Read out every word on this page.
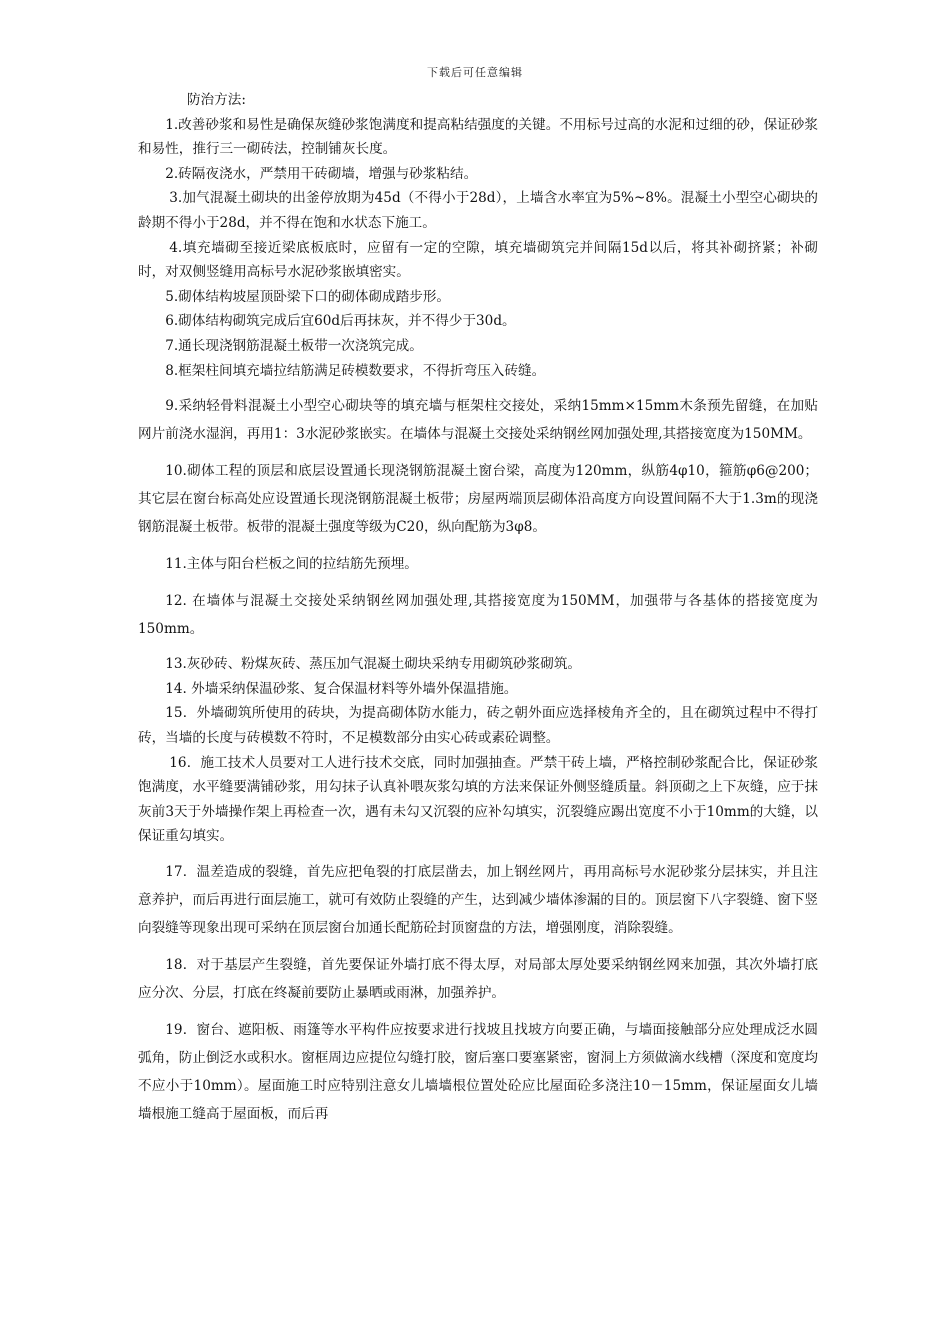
下载后可任意编辑

防治方法:

1.改善砂浆和易性是确保灰缝砂浆饱满度和提高粘结强度的关键。不用标号过高的水泥和过细的砂，保证砂浆和易性，推行三一砌砖法，控制铺灰长度。

2.砖隔夜浇水，严禁用干砖砌墙，增强与砂浆粘结。

3.加气混凝土砌块的出釜停放期为45d（不得小于28d），上墙含水率宜为5%~8%。混凝土小型空心砌块的龄期不得小于28d，并不得在饱和水状态下施工。

4.填充墙砌至接近梁底板底时，应留有一定的空隙，填充墙砌筑完并间隔15d以后，将其补砌挤紧；补砌时，对双侧竖缝用高标号水泥砂浆嵌填密实。

5.砌体结构坡屋顶卧梁下口的砌体砌成踏步形。

6.砌体结构砌筑完成后宜60d后再抹灰，并不得少于30d。

7.通长现浇钢筋混凝土板带一次浇筑完成。

8.框架柱间填充墙拉结筋满足砖模数要求，不得折弯压入砖缝。

9.采纳轻骨料混凝土小型空心砌块等的填充墙与框架柱交接处，采纳15mm×15mm木条预先留缝，在加贴网片前浇水湿润，再用1：3水泥砂浆嵌实。在墙体与混凝土交接处采纳钢丝网加强处理,其搭接宽度为150MM。

10.砌体工程的顶层和底层设置通长现浇钢筋混凝土窗台梁，高度为120mm，纵筋4φ10，箍筋φ6@200；其它层在窗台标高处应设置通长现浇钢筋混凝土板带；房屋两端顶层砌体沿高度方向设置间隔不大于1.3m的现浇钢筋混凝土板带。板带的混凝土强度等级为C20，纵向配筋为3φ8。

11.主体与阳台栏板之间的拉结筋先预埋。

12. 在墙体与混凝土交接处采纳钢丝网加强处理,其搭接宽度为150MM，加强带与各基体的搭接宽度为150mm。

13.灰砂砖、粉煤灰砖、蒸压加气混凝土砌块采纳专用砌筑砂浆砌筑。

14. 外墙采纳保温砂浆、复合保温材料等外墙外保温措施。

15．外墙砌筑所使用的砖块，为提高砌体防水能力，砖之朝外面应选择棱角齐全的，且在砌筑过程中不得打砖，当墙的长度与砖模数不符时，不足模数部分由实心砖或素砼调整。

16．施工技术人员要对工人进行技术交底，同时加强抽查。严禁干砖上墙，严格控制砂浆配合比，保证砂浆饱满度，水平缝要满铺砂浆，用勾抹子认真补喂灰浆勾填的方法来保证外侧竖缝质量。斜顶砌之上下灰缝，应于抹灰前3天于外墙操作架上再检查一次，遇有未勾又沉裂的应补勾填实，沉裂缝应踢出宽度不小于10mm的大缝，以保证重勾填实。

17．温差造成的裂缝，首先应把龟裂的打底层凿去，加上钢丝网片，再用高标号水泥砂浆分层抹实，并且注意养护，而后再进行面层施工，就可有效防止裂缝的产生，达到减少墙体渗漏的目的。顶层窗下八字裂缝、窗下竖向裂缝等现象出现可采纳在顶层窗台加通长配筋砼封顶窗盘的方法，增强刚度，消除裂缝。

18．对于基层产生裂缝，首先要保证外墙打底不得太厚，对局部太厚处要采纳钢丝网来加强，其次外墙打底应分次、分层，打底在终凝前要防止暴晒或雨淋，加强养护。

19．窗台、遮阳板、雨篷等水平构件应按要求进行找坡且找坡方向要正确，与墙面接触部分应处理成泛水圆弧角，防止倒泛水或积水。窗框周边应提位勾缝打胶，窗后塞口要塞紧密，窗洞上方须做滴水线槽（深度和宽度均不应小于10mm）。屋面施工时应特别注意女儿墙墙根位置处砼应比屋面砼多浇注10－15mm，保证屋面女儿墙墙根施工缝高于屋面板，而后再
